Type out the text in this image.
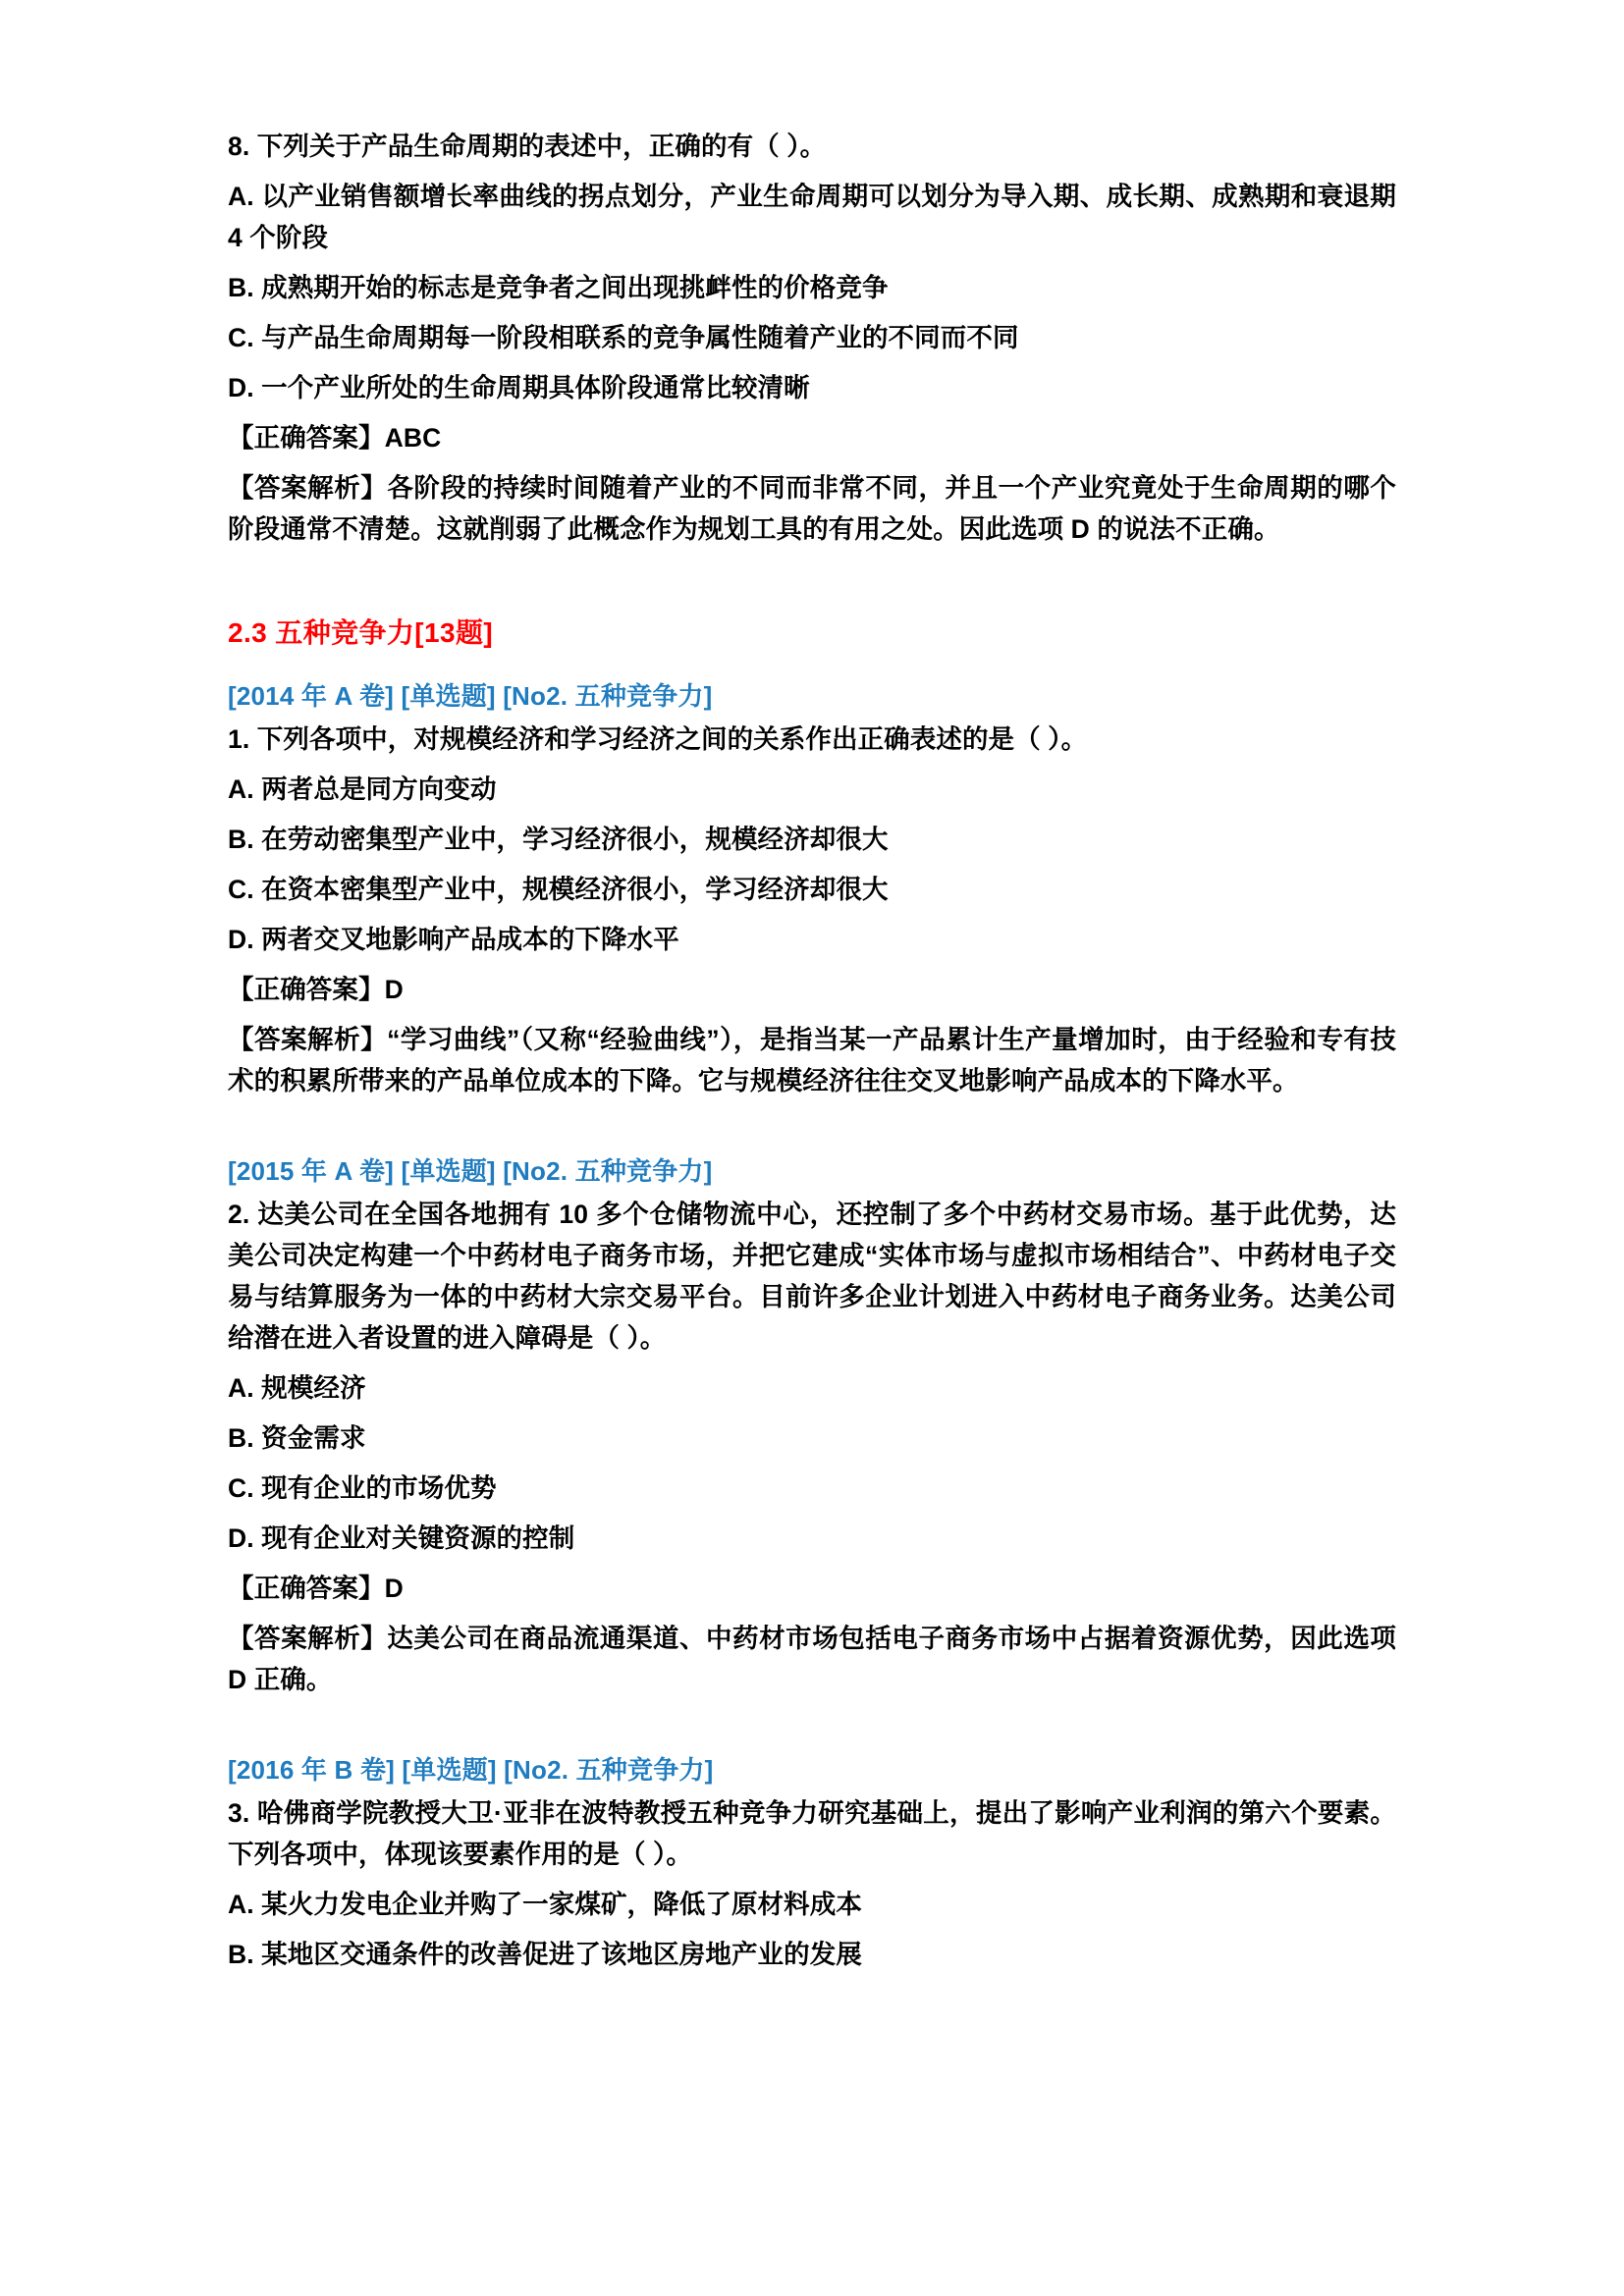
8. 下列关于产品生命周期的表述中，正确的有（ ）。

A. 以产业销售额增长率曲线的拐点划分，产业生命周期可以划分为导入期、成长期、成熟期和衰退期 4 个阶段

B. 成熟期开始的标志是竞争者之间出现挑衅性的价格竞争

C. 与产品生命周期每一阶段相联系的竞争属性随着产业的不同而不同

D. 一个产业所处的生命周期具体阶段通常比较清晰

【正确答案】ABC

【答案解析】各阶段的持续时间随着产业的不同而非常不同，并且一个产业究竟处于生命周期的哪个阶段通常不清楚。这就削弱了此概念作为规划工具的有用之处。因此选项 D 的说法不正确。

2.3 五种竞争力[13题]

[2014 年 A 卷] [单选题] [No2. 五种竞争力]

1. 下列各项中，对规模经济和学习经济之间的关系作出正确表述的是（ ）。

A. 两者总是同方向变动

B. 在劳动密集型产业中，学习经济很小，规模经济却很大

C. 在资本密集型产业中，规模经济很小，学习经济却很大

D. 两者交叉地影响产品成本的下降水平

【正确答案】D

【答案解析】“学习曲线”（又称“经验曲线”），是指当某一产品累计生产量增加时，由于经验和专有技术的积累所带来的产品单位成本的下降。它与规模经济往往交叉地影响产品成本的下降水平。

[2015 年 A 卷] [单选题] [No2. 五种竞争力]

2. 达美公司在全国各地拥有 10 多个仓储物流中心，还控制了多个中药材交易市场。基于此优势，达美公司决定构建一个中药材电子商务市场，并把它建成“实体市场与虚拟市场相结合”、中药材电子交易与结算服务为一体的中药材大宗交易平台。目前许多企业计划进入中药材电子商务业务。达美公司给潜在进入者设置的进入障碍是（ ）。

A. 规模经济

B. 资金需求

C. 现有企业的市场优势

D. 现有企业对关键资源的控制

【正确答案】D

【答案解析】达美公司在商品流通渠道、中药材市场包括电子商务市场中占据着资源优势，因此选项 D 正确。

[2016 年 B 卷] [单选题] [No2. 五种竞争力]

3. 哈佛商学院教授大卫·亚非在波特教授五种竞争力研究基础上，提出了影响产业利润的第六个要素。下列各项中，体现该要素作用的是（ ）。

A. 某火力发电企业并购了一家煤矿，降低了原材料成本

B. 某地区交通条件的改善促进了该地区房地产业的发展
